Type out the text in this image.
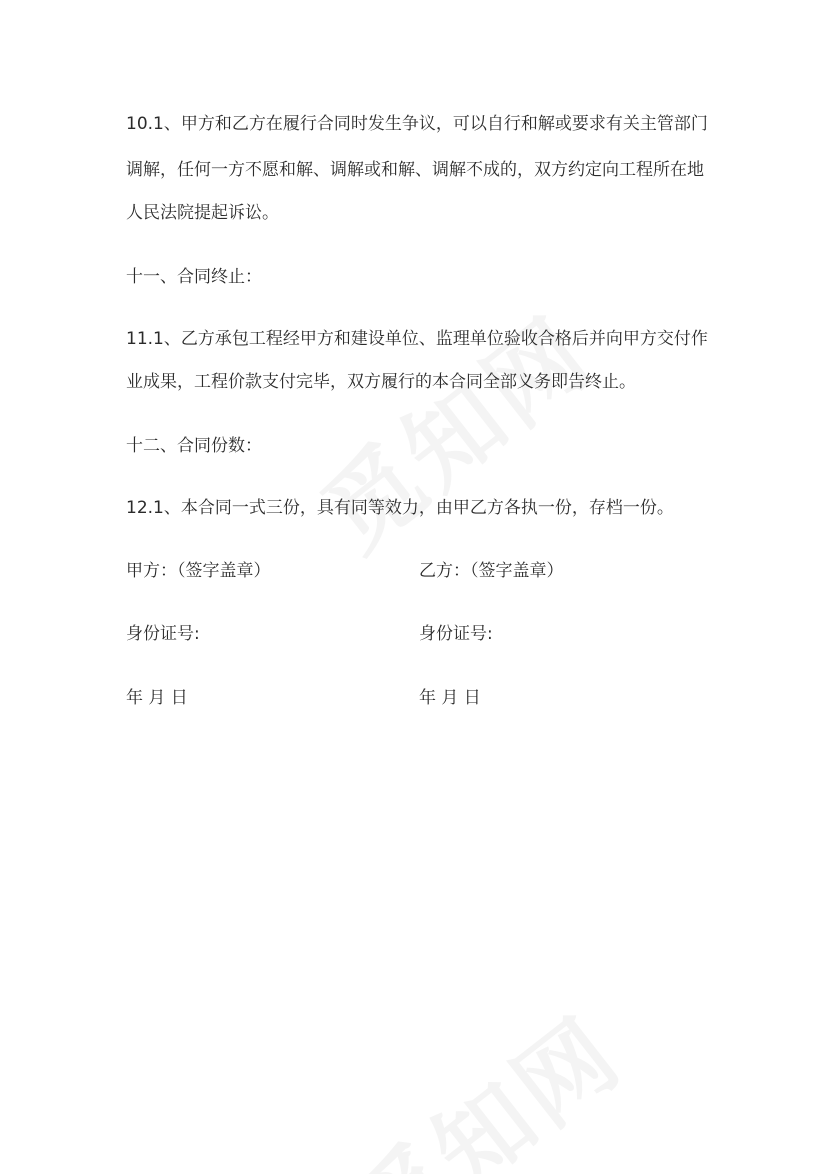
10.1、甲方和乙方在履行合同时发生争议，可以自行和解或要求有关主管部门
调解，任何一方不愿和解、调解或和解、调解不成的，双方约定向工程所在地
人民法院提起诉讼。
十一、合同终止：
11.1、乙方承包工程经甲方和建设单位、监理单位验收合格后并向甲方交付作
业成果，工程价款支付完毕，双方履行的本合同全部义务即告终止。
十二、合同份数：
12.1、本合同一式三份，具有同等效力，由甲乙方各执一份，存档一份。
甲方：（签字盖章）	乙方：（签字盖章）
身份证号:	身份证号:
年 月 日	年 月 日
